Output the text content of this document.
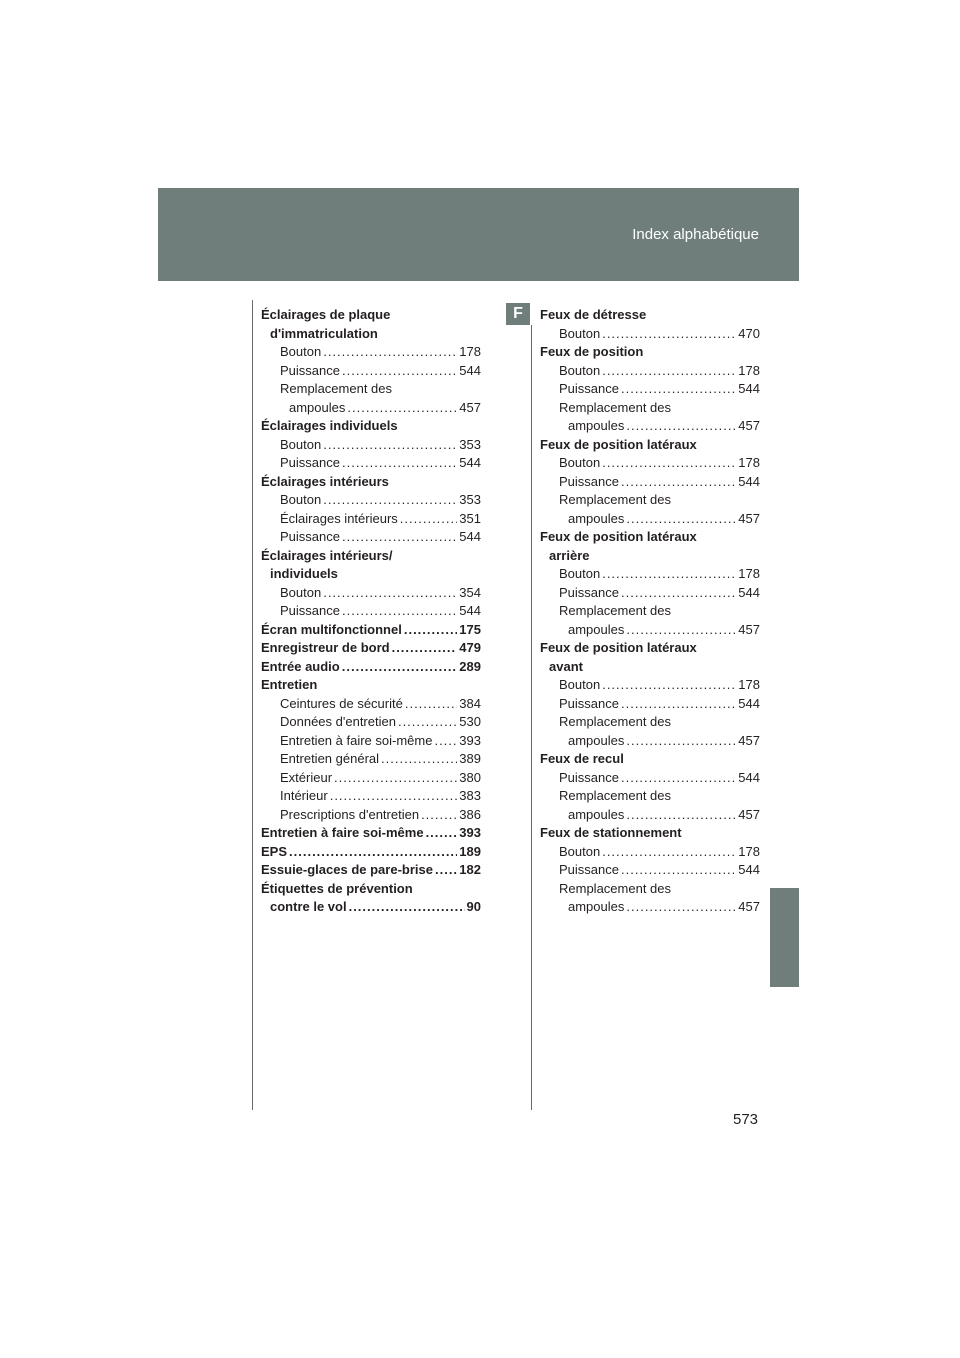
Index alphabétique
F
Éclairages de plaque
d'immatriculation
Bouton .....	178
Puissance .....	544
Remplacement des
ampoules .....	457
Éclairages individuels
Bouton .....	353
Puissance .....	544
Éclairages intérieurs
Bouton .....	353
Éclairages intérieurs .....	351
Puissance .....	544
Éclairages intérieurs/
individuels
Bouton .....	354
Puissance .....	544
Écran multifonctionnel .....	175
Enregistreur de bord .....	479
Entrée audio .....	289
Entretien
Ceintures de sécurité .....	384
Données d'entretien .....	530
Entretien à faire soi-même ..... 393
Entretien général .....	389
Extérieur .....	380
Intérieur .....	383
Prescriptions d'entretien .....	386
Entretien à faire soi-même .....	393
EPS .....	189
Essuie-glaces de pare-brise ..... 182
Étiquettes de prévention
contre le vol .....	90
Feux de détresse
Bouton .....	470
Feux de position
Bouton .....	178
Puissance .....	544
Remplacement des
ampoules .....	457
Feux de position latéraux
Bouton .....	178
Puissance .....	544
Remplacement des
ampoules .....	457
Feux de position latéraux
arrière
Bouton .....	178
Puissance .....	544
Remplacement des
ampoules .....	457
Feux de position latéraux
avant
Bouton .....	178
Puissance .....	544
Remplacement des
ampoules .....	457
Feux de recul
Puissance .....	544
Remplacement des
ampoules .....	457
Feux de stationnement
Bouton .....	178
Puissance .....	544
Remplacement des
ampoules .....	457
573
